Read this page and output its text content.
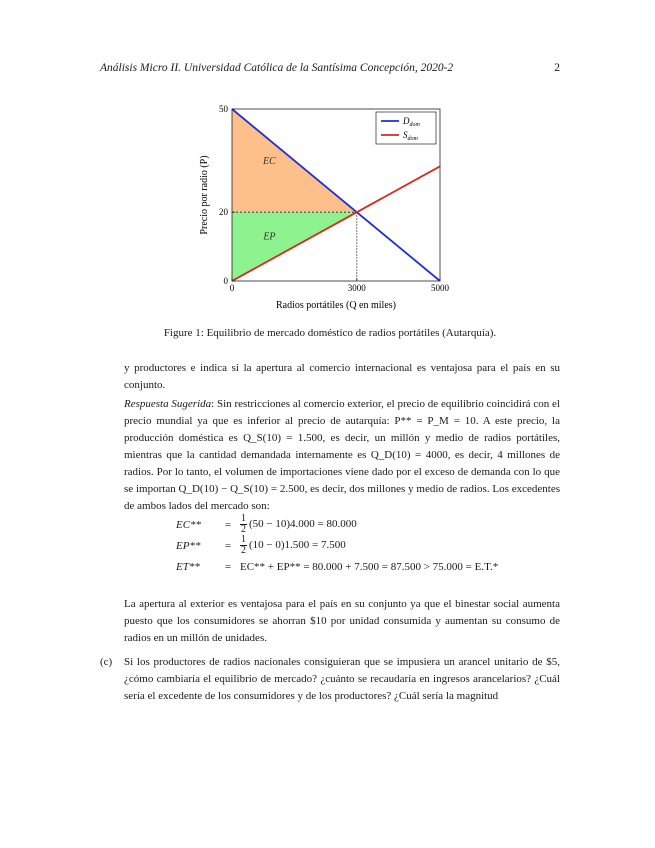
Análisis Micro II. Universidad Católica de la Santísima Concepción, 2020-2	2
0	3000	5000
0
20
50
EC
EP
$D_{dom}$
$S_{dom}$
Radios portátiles (Q en miles)
Precio por radio (P)
Figure 1: Equilibrio de mercado doméstico de radios portátiles (Autarquía).
y productores e indica si la apertura al comercio internacional es ventajosa para el país en su conjunto.
Respuesta Sugerida: Sin restricciones al comercio exterior, el precio de equilibrio coincidirá con el precio mundial ya que es inferior al precio de autarquía: P** = P_M = 10. A este precio, la producción doméstica es Q_S(10) = 1.500, es decir, un millón y medio de radios portátiles, mientras que la cantidad demandada internamente es Q_D(10) = 4000, es decir, 4 millones de radios. Por lo tanto, el volumen de importaciones viene dado por el exceso de demanda con lo que se importan Q_D(10) − Q_S(10) = 2.500, es decir, dos millones y medio de radios. Los excedentes de ambos lados del mercado son:
EC**	= $\frac{1}{2} (50 - 10)4.000 = 80.000$
EP**	= $\frac{1}{2} (10 - 0)1.500 = 7.500$
ET**	= EC** + EP** = 80.000 + 7.500 = 87.500 > 75.000 = E.T.*
La apertura al exterior es ventajosa para el país en su conjunto ya que el binestar social aumenta puesto que los consumidores se ahorran $10 por unidad consumida y aumentan su consumo de radios en un millón de unidades.
(c) Si los productores de radios nacionales consiguieran que se impusiera un arancel unitario de $5, ¿cómo cambiaría el equilibrio de mercado? ¿cuánto se recaudaría en ingresos arancelarios? ¿Cuál sería el excedente de los consumidores y de los productores? ¿Cuál sería la magnitud
